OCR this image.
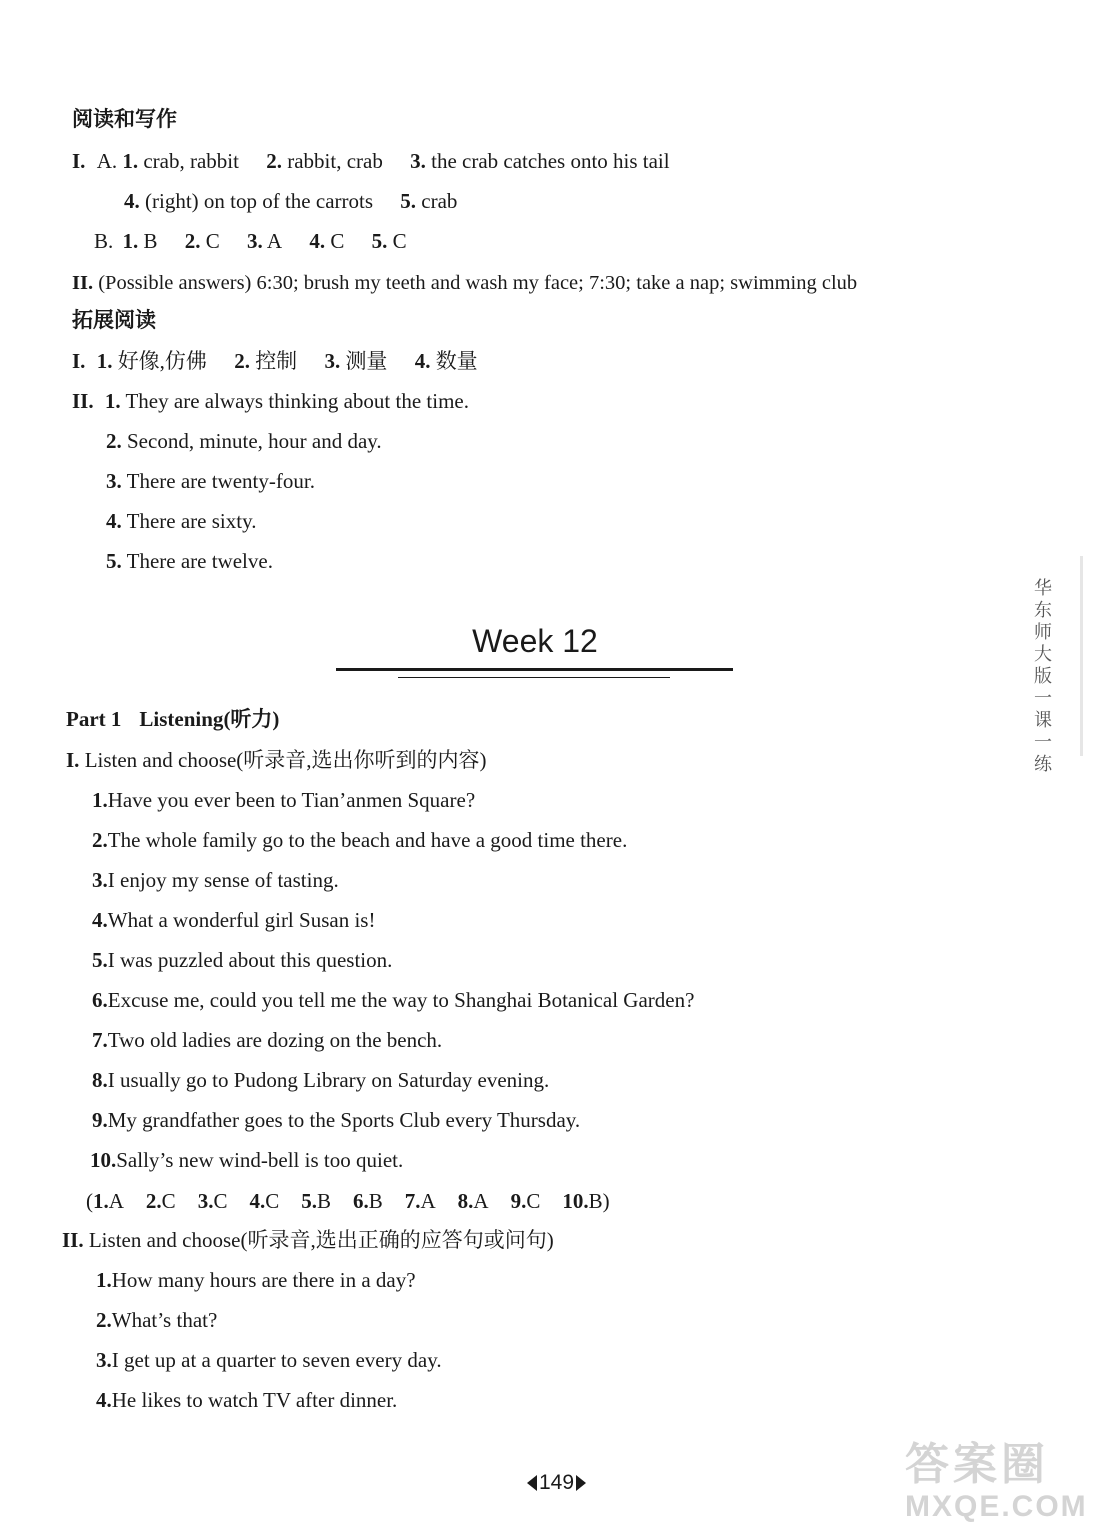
阅读和写作
I. A. 1. crab, rabbit 2. rabbit, crab 3. the crab catches onto his tail
4. (right) on top of the carrots 5. crab
B. 1. B 2. C 3. A 4. C 5. C
II. (Possible answers) 6:30; brush my teeth and wash my face; 7:30; take a nap; swimming club
拓展阅读
I. 1. 好像,仿佛 2. 控制 3. 测量 4. 数量
II. 1. They are always thinking about the time.
2. Second, minute, hour and day.
3. There are twenty-four.
4. There are sixty.
5. There are twelve.
Week 12
Part 1 Listening(听力)
I. Listen and choose(听录音,选出你听到的内容)
1.Have you ever been to Tian’anmen Square?
2.The whole family go to the beach and have a good time there.
3.I enjoy my sense of tasting.
4.What a wonderful girl Susan is!
5.I was puzzled about this question.
6.Excuse me, could you tell me the way to Shanghai Botanical Garden?
7.Two old ladies are dozing on the bench.
8.I usually go to Pudong Library on Saturday evening.
9.My grandfather goes to the Sports Club every Thursday.
10.Sally’s new wind-bell is too quiet.
(1.A 2.C 3.C 4.C 5.B 6.B 7.A 8.A 9.C 10.B)
II. Listen and choose(听录音,选出正确的应答句或问句)
1.How many hours are there in a day?
2.What’s that?
3.I get up at a quarter to seven every day.
4.He likes to watch TV after dinner.
华东师大版一课一练
149	答案圈
MXQE.COM
